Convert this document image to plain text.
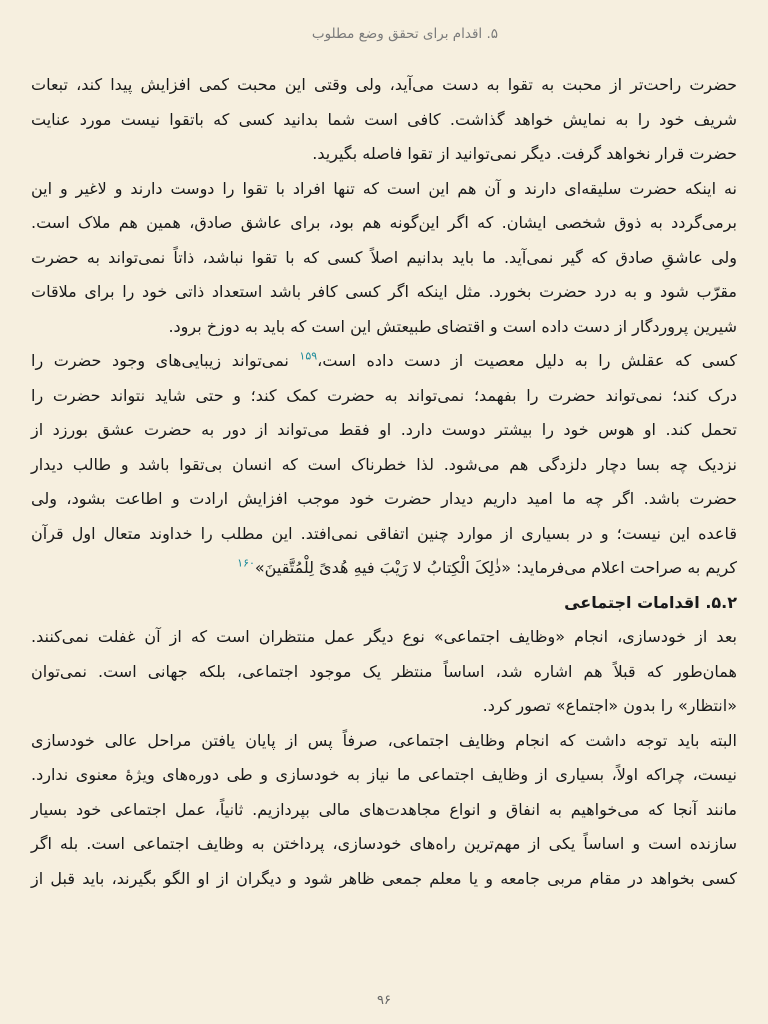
۵. اقدام برای تحقق وضع مطلوب
حضرت راحت‌تر از محبت به تقوا به دست می‌آید، ولی وقتی این محبت کمی افزایش پیدا کند، تبعات
شریف خود را به نمایش خواهد گذاشت. کافی است شما بدانید کسی که باتقوا نیست مورد عنایت
حضرت قرار نخواهد گرفت. دیگر نمی‌توانید از تقوا فاصله بگیرید.
نه اینکه حضرت سلیقه‌ای دارند و آن هم این است که تنها افراد با تقوا را دوست دارند و لاغیر و این
برمی‌گردد به ذوق شخصی ایشان. که اگر این‌گونه هم بود، برای عاشق صادق، همین هم ملاک است.
ولی عاشقِ صادق که گیر نمی‌آید. ما باید بدانیم اصلاً کسی که با تقوا نباشد، ذاتاً نمی‌تواند به حضرت
مقرّب شود و به درد حضرت بخورد. مثل اینکه اگر کسی کافر باشد استعداد ذاتی خود را برای ملاقات
شیرین پروردگار از دست داده است و اقتضای طبیعتش این است که باید به دوزخ برود.
کسی که عقلش را به دلیل معصیت از دست داده است،$^{۱۵۹}$ نمی‌تواند زیبایی‌های وجود حضرت را
درک کند؛ نمی‌تواند حضرت را بفهمد؛ نمی‌تواند به حضرت کمک کند؛ و حتی شاید نتواند حضرت را
تحمل کند. او هوس خود را بیشتر دوست دارد. او فقط می‌تواند از دور به حضرت عشق بورزد از
نزدیک چه بسا دچار دلزدگی هم می‌شود. لذا خطرناک است که انسان بی‌تقوا باشد و طالب دیدار
حضرت باشد. اگر چه ما امید داریم دیدار حضرت خود موجب افزایش ارادت و اطاعت بشود، ولی
قاعده این نیست؛ و در بسیاری از موارد چنین اتفاقی نمی‌افتد. این مطلب را خداوند متعال اول قرآن
کریم به صراحت اعلام می‌فرماید: «ذٰلِکَ الْکِتابُ لا رَیْبَ فیهِ هُدیً لِلْمُتَّقینَ»$^{۱۶۰}$
۵.۲. اقدامات اجتماعی
بعد از خودسازی، انجام «وظایف اجتماعی» نوع دیگر عمل منتظران است که از آن غفلت نمی‌کنند.
همان‌طور که قبلاً هم اشاره شد، اساساً منتظر یک موجود اجتماعی، بلکه جهانی است. نمی‌توان
«انتظار» را بدون «اجتماع» تصور کرد.
البته باید توجه داشت که انجام وظایف اجتماعی، صرفاً پس از پایان یافتن مراحل عالی خودسازی
نیست، چراکه اولاً، بسیاری از وظایف اجتماعی ما نیاز به خودسازی و طی دوره‌های ویژۀ معنوی ندارد.
مانند آنجا که می‌خواهیم به انفاق و انواع مجاهدت‌های مالی بپردازیم. ثانیاً، عمل اجتماعی خود بسیار
سازنده است و اساساً یکی از مهم‌ترین راه‌های خودسازی، پرداختن به وظایف اجتماعی است. بله اگر
کسی بخواهد در مقام مربی جامعه و یا معلم جمعی ظاهر شود و دیگران از او الگو بگیرند، باید قبل از
۹۶
